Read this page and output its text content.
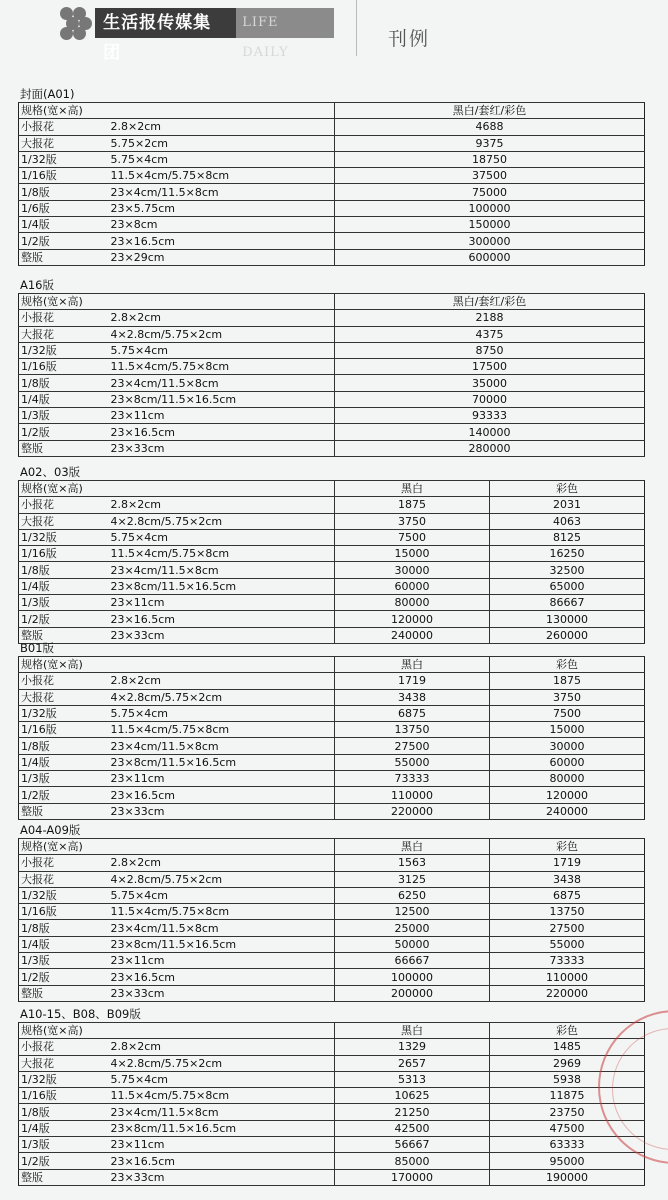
生活报传媒集团
LIFE DAILY
刊例
封面(A01)
规格(宽×高)		黑白/套红/彩色
小报花	2.8×2cm	4688
大报花	5.75×2cm	9375
1/32版	5.75×4cm	18750
1/16版	11.5×4cm/5.75×8cm	37500
1/8版	23×4cm/11.5×8cm	75000
1/6版	23×5.75cm	100000
1/4版	23×8cm	150000
1/2版	23×16.5cm	300000
整版	23×29cm	600000
A16版
规格(宽×高)		黑白/套红/彩色
小报花	2.8×2cm	2188
大报花	4×2.8cm/5.75×2cm	4375
1/32版	5.75×4cm	8750
1/16版	11.5×4cm/5.75×8cm	17500
1/8版	23×4cm/11.5×8cm	35000
1/4版	23×8cm/11.5×16.5cm	70000
1/3版	23×11cm	93333
1/2版	23×16.5cm	140000
整版	23×33cm	280000
A02、03版
规格(宽×高)		黑白	彩色
小报花	2.8×2cm	1875	2031
大报花	4×2.8cm/5.75×2cm	3750	4063
1/32版	5.75×4cm	7500	8125
1/16版	11.5×4cm/5.75×8cm	15000	16250
1/8版	23×4cm/11.5×8cm	30000	32500
1/4版	23×8cm/11.5×16.5cm	60000	65000
1/3版	23×11cm	80000	86667
1/2版	23×16.5cm	120000	130000
整版	23×33cm	240000	260000
B01版
规格(宽×高)		黑白	彩色
小报花	2.8×2cm	1719	1875
大报花	4×2.8cm/5.75×2cm	3438	3750
1/32版	5.75×4cm	6875	7500
1/16版	11.5×4cm/5.75×8cm	13750	15000
1/8版	23×4cm/11.5×8cm	27500	30000
1/4版	23×8cm/11.5×16.5cm	55000	60000
1/3版	23×11cm	73333	80000
1/2版	23×16.5cm	110000	120000
整版	23×33cm	220000	240000
A04-A09版
规格(宽×高)		黑白	彩色
小报花	2.8×2cm	1563	1719
大报花	4×2.8cm/5.75×2cm	3125	3438
1/32版	5.75×4cm	6250	6875
1/16版	11.5×4cm/5.75×8cm	12500	13750
1/8版	23×4cm/11.5×8cm	25000	27500
1/4版	23×8cm/11.5×16.5cm	50000	55000
1/3版	23×11cm	66667	73333
1/2版	23×16.5cm	100000	110000
整版	23×33cm	200000	220000
A10-15、B08、B09版
规格(宽×高)		黑白	彩色
小报花	2.8×2cm	1329	1485
大报花	4×2.8cm/5.75×2cm	2657	2969
1/32版	5.75×4cm	5313	5938
1/16版	11.5×4cm/5.75×8cm	10625	11875
1/8版	23×4cm/11.5×8cm	21250	23750
1/4版	23×8cm/11.5×16.5cm	42500	47500
1/3版	23×11cm	56667	63333
1/2版	23×16.5cm	85000	95000
整版	23×33cm	170000	190000
